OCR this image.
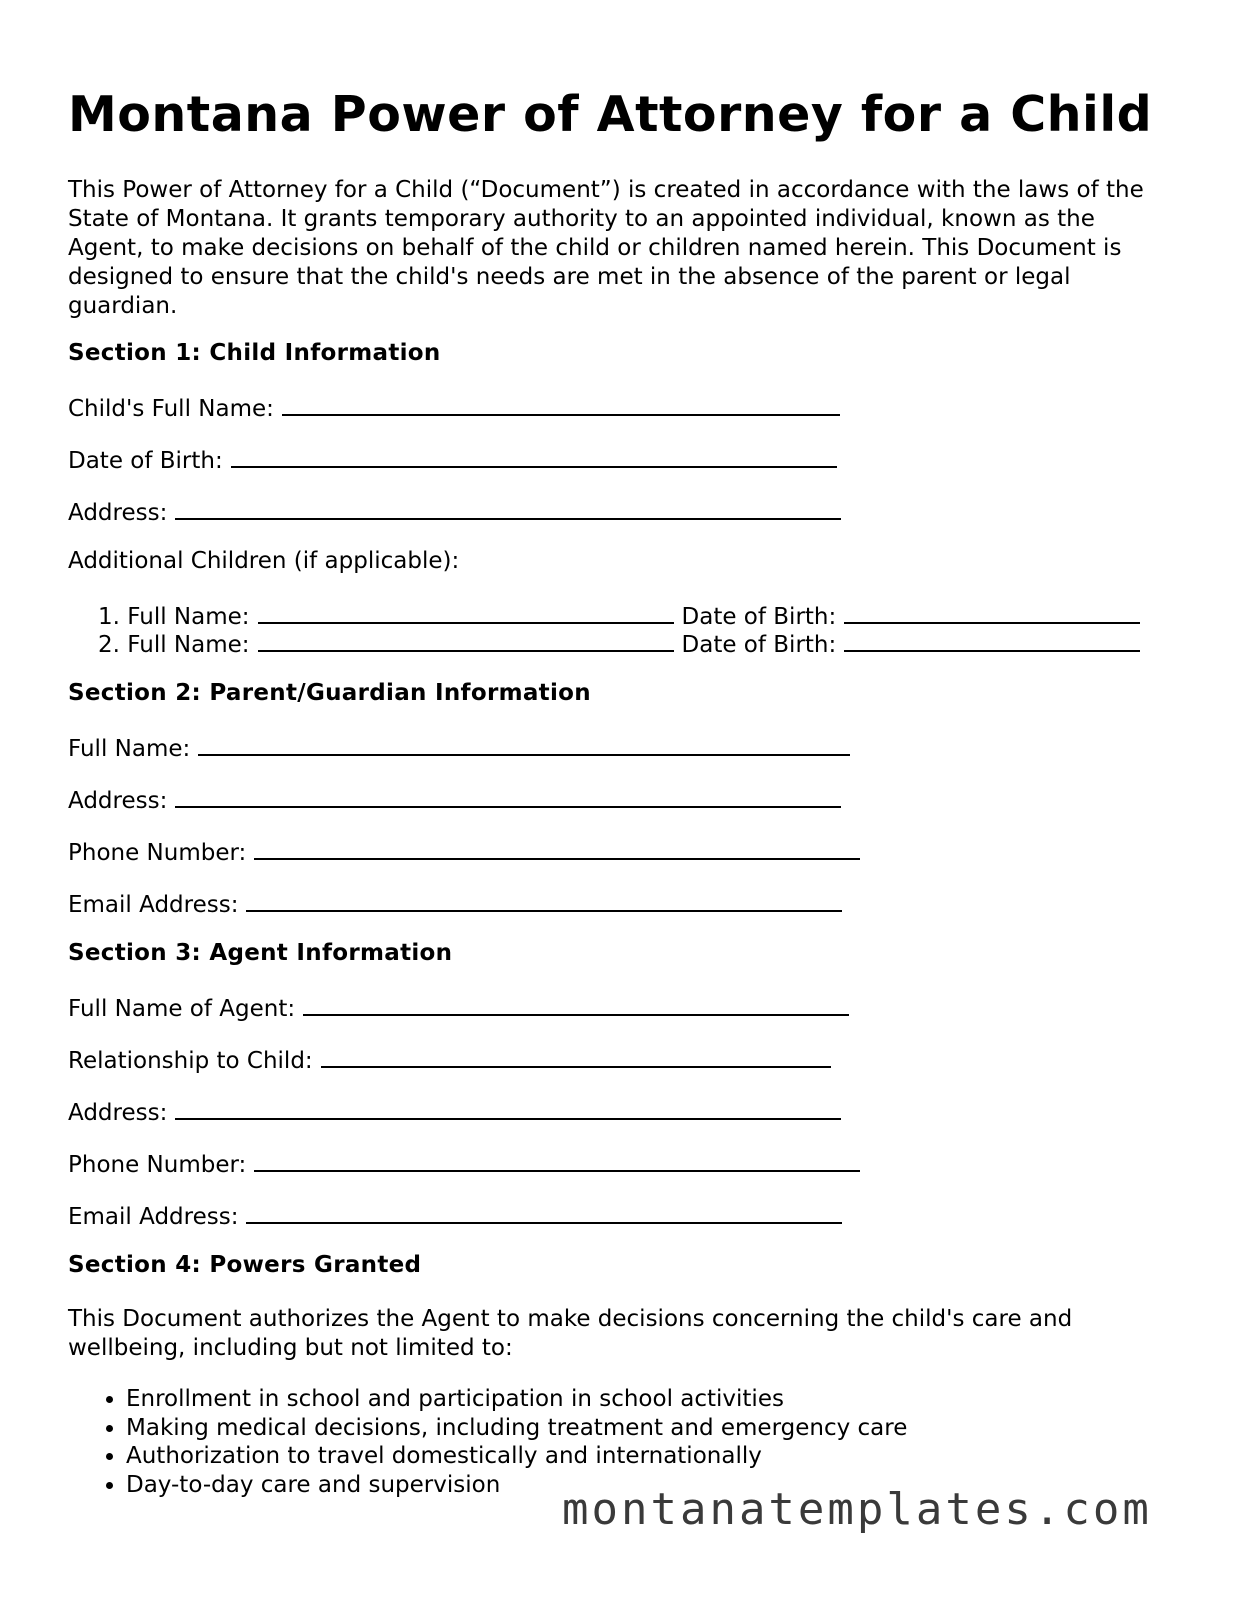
Montana Power of Attorney for a Child

This Power of Attorney for a Child (“Document”) is created in accordance with the laws of the State of Montana. It grants temporary authority to an appointed individual, known as the Agent, to make decisions on behalf of the child or children named herein. This Document is designed to ensure that the child's needs are met in the absence of the parent or legal guardian.

Section 1: Child Information
Child's Full Name:
Date of Birth:
Address:
Additional Children (if applicable):
1. Full Name:	Date of Birth:
2. Full Name:	Date of Birth:
Section 2: Parent/Guardian Information
Full Name:
Address:
Phone Number:
Email Address:
Section 3: Agent Information
Full Name of Agent:
Relationship to Child:
Address:
Phone Number:
Email Address:
Section 4: Powers Granted

This Document authorizes the Agent to make decisions concerning the child's care and wellbeing, including but not limited to:

• Enrollment in school and participation in school activities
• Making medical decisions, including treatment and emergency care
• Authorization to travel domestically and internationally
• Day-to-day care and supervision	montanatemplates.com
